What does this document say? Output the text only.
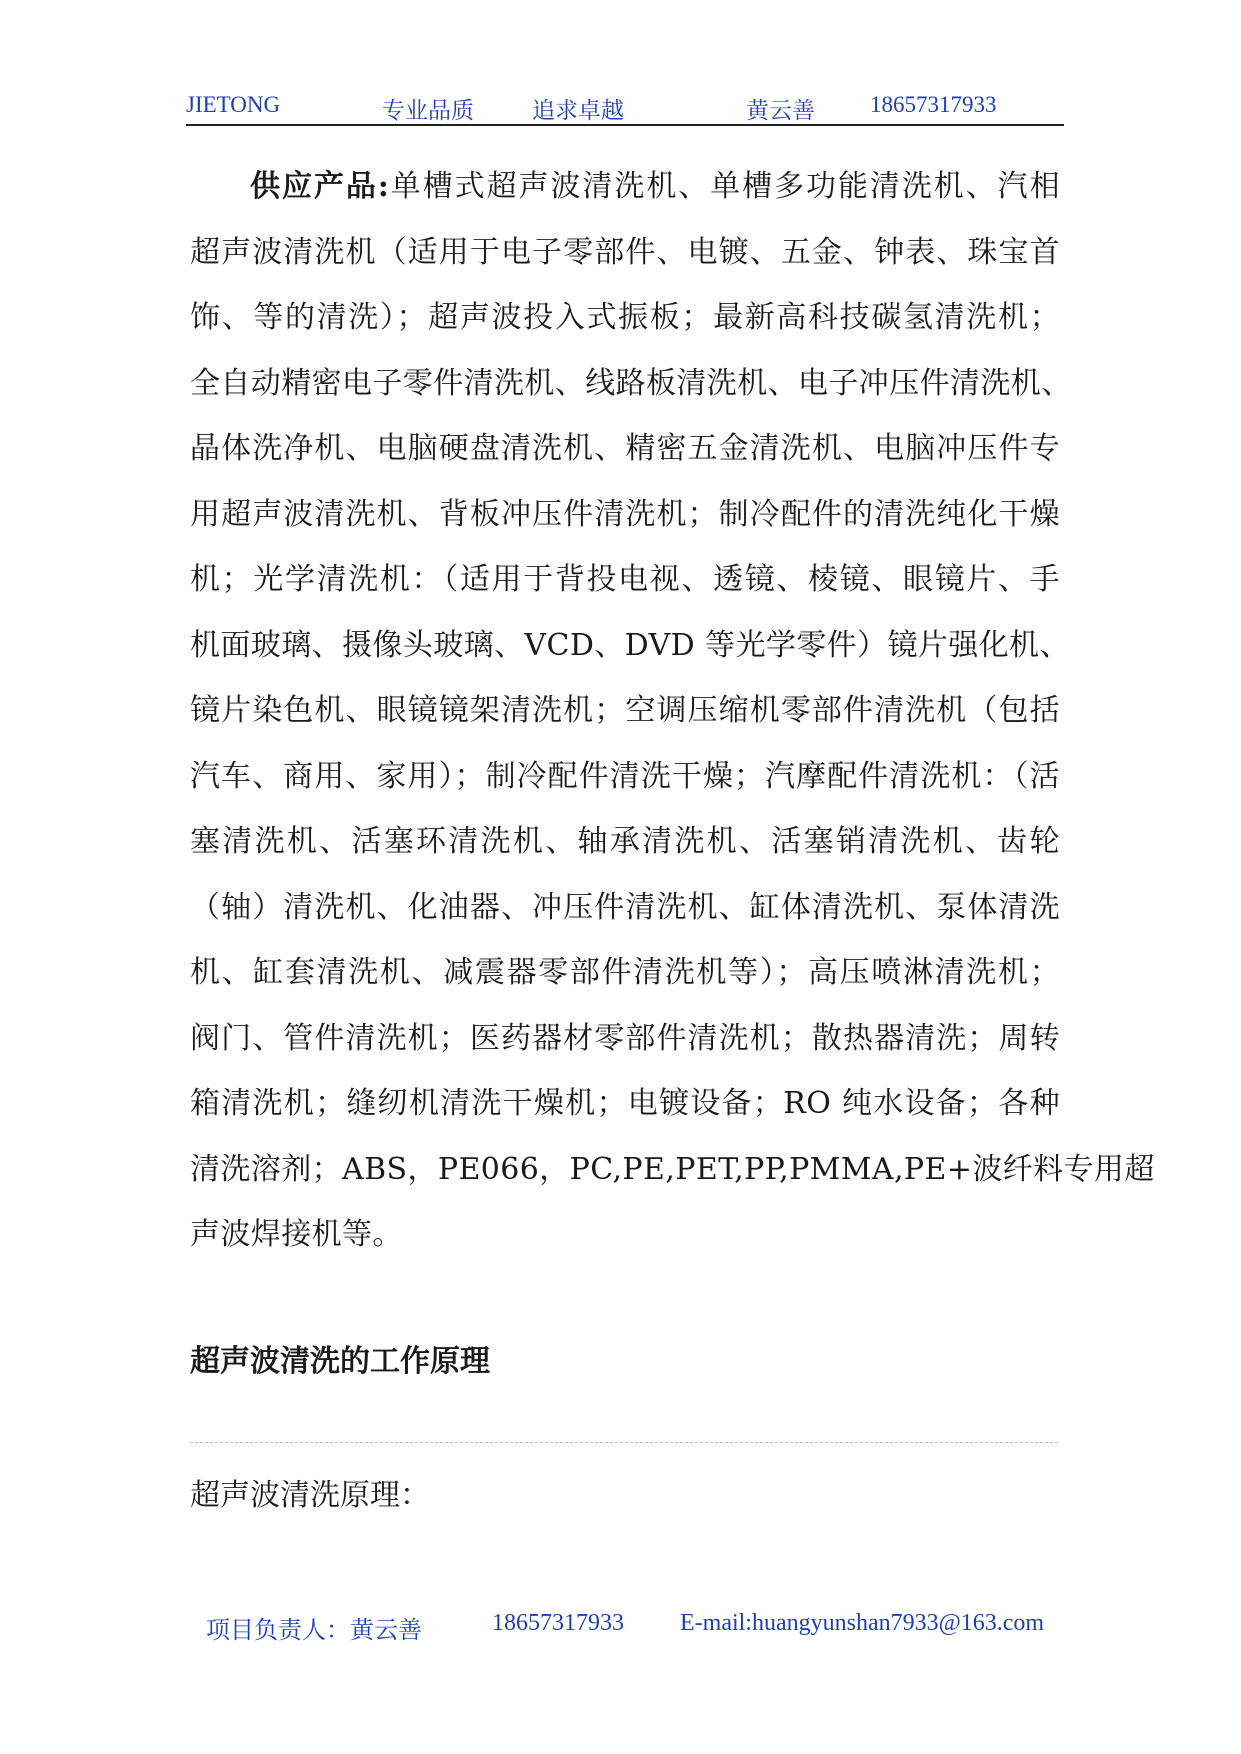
JIETONG	专业品质	追求卓越	黄云善 18657317933
供应产品:单槽式超声波清洗机、单槽多功能清洗机、汽相
超声波清洗机（适用于电子零部件、电镀、五金、钟表、珠宝首
饰、等的清洗）；超声波投入式振板；最新高科技碳氢清洗机；
全自动精密电子零件清洗机、线路板清洗机、电子冲压件清洗机、
晶体洗净机、电脑硬盘清洗机、精密五金清洗机、电脑冲压件专
用超声波清洗机、背板冲压件清洗机；制冷配件的清洗纯化干燥
机；光学清洗机：（适用于背投电视、透镜、棱镜、眼镜片、手
机面玻璃、摄像头玻璃、VCD、DVD 等光学零件）镜片强化机、
镜片染色机、眼镜镜架清洗机；空调压缩机零部件清洗机（包括
汽车、商用、家用）；制冷配件清洗干燥；汽摩配件清洗机：（活
塞清洗机、活塞环清洗机、轴承清洗机、活塞销清洗机、齿轮
（轴）清洗机、化油器、冲压件清洗机、缸体清洗机、泵体清洗
机、缸套清洗机、减震器零部件清洗机等）；高压喷淋清洗机；
阀门、管件清洗机；医药器材零部件清洗机；散热器清洗；周转
箱清洗机；缝纫机清洗干燥机；电镀设备；RO 纯水设备；各种
清洗溶剂；ABS，PE066，PC,PE,PET,PP,PMMA,PE+波纤料专用超
声波焊接机等。
超声波清洗的工作原理
超声波清洗原理：
项目负责人：黄云善	18657317933 E-mail:huangyunshan7933@163.com
